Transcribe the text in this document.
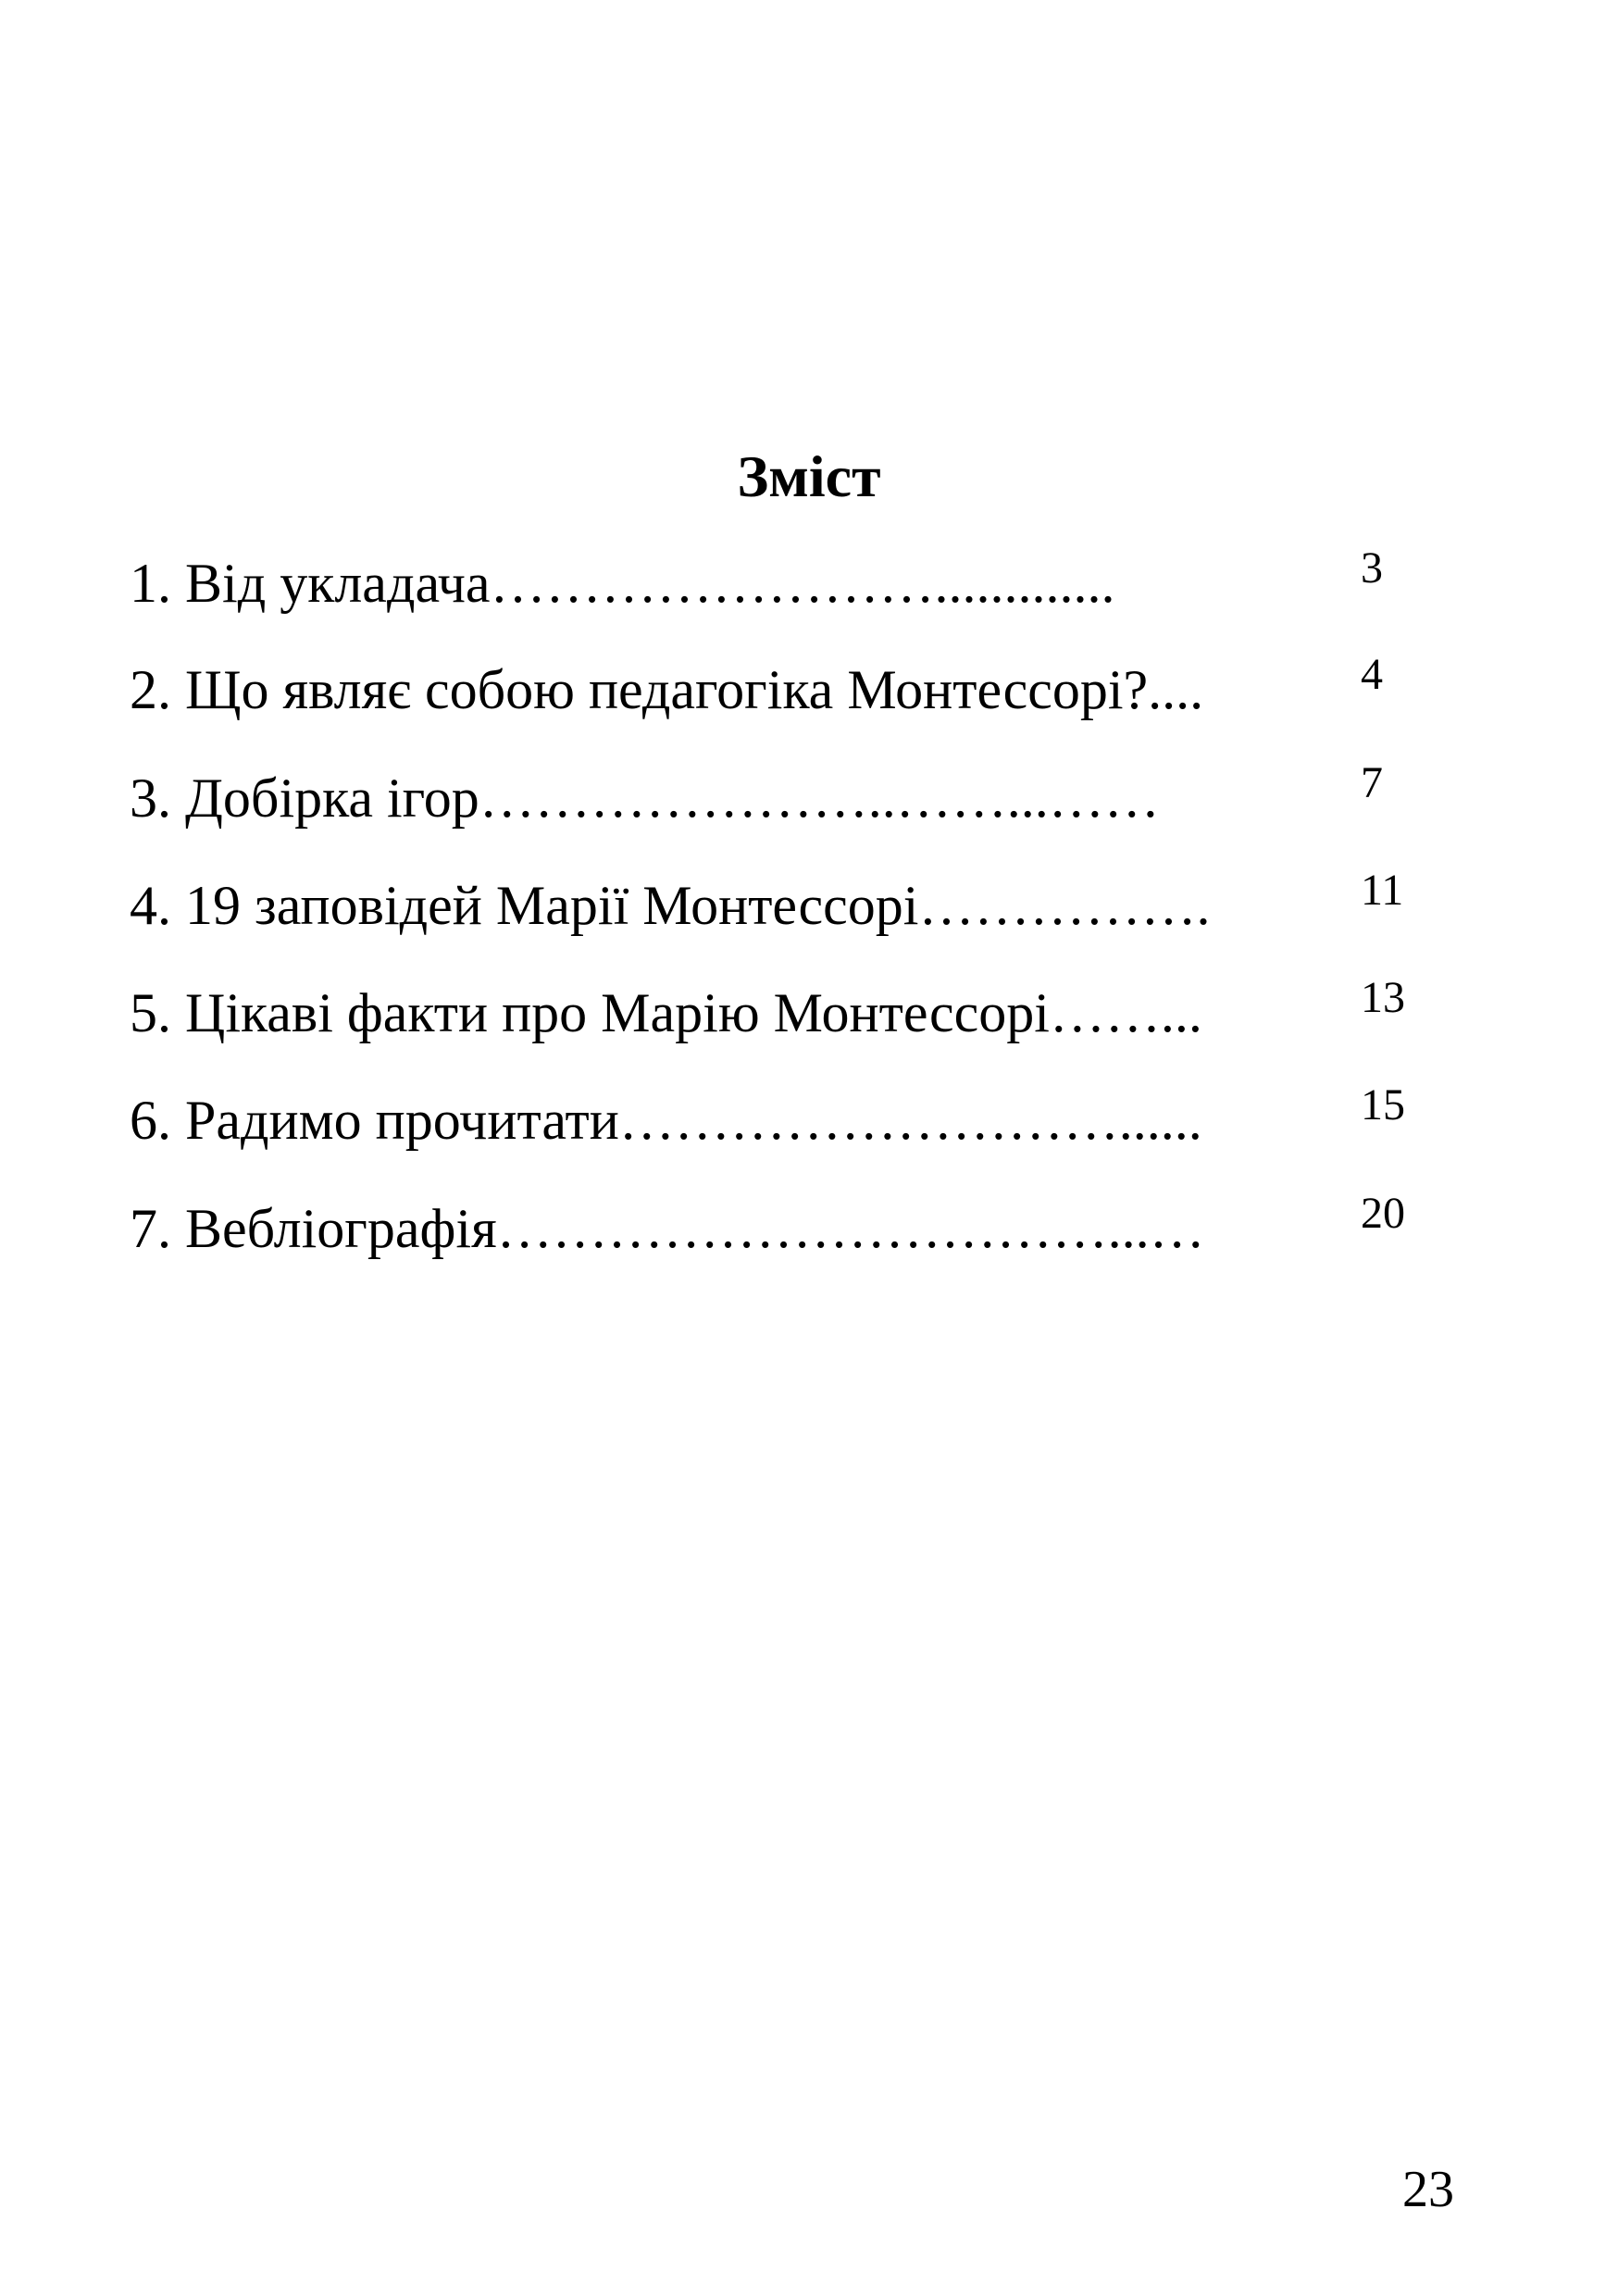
Зміст
1. Від укладача…………………….............	3
2. Що являє собою педагогіка Монтессорі?....	4
3. Добірка ігор…………………..……...……	7
4. 19 заповідей Марії Монтессорі…………….	11
5. Цікаві факти про Марію Монтессорі……...	13
6. Радимо прочитати………………………......	15
7. Вебліографія……………………………...…	20
23
